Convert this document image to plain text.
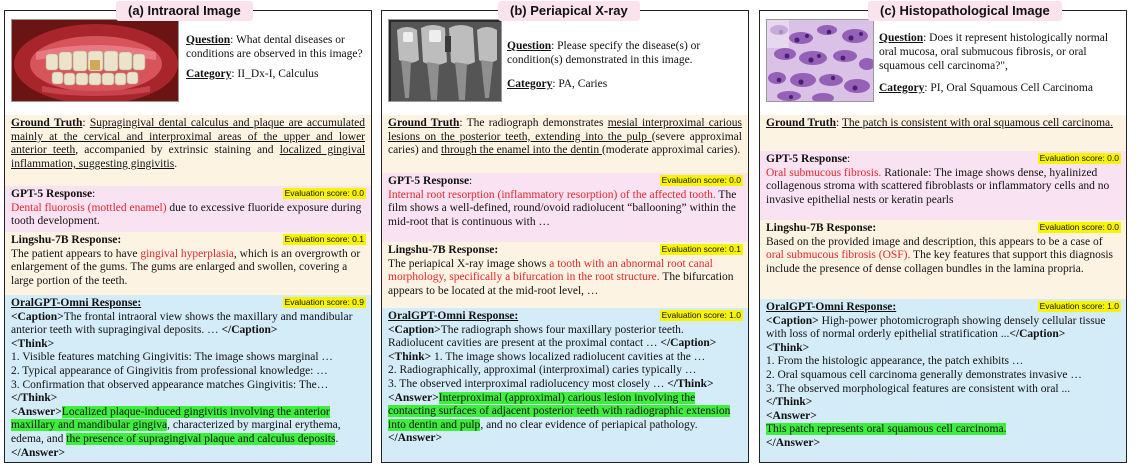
(a) Intraoral Image
Question: What dental diseases or conditions are observed in this image?
Category: II_Dx-I, Calculus
Ground Truth: Supragingival dental calculus and plaque are accumulated mainly at the cervical and interproximal areas of the upper and lower anterior teeth, accompanied by extrinsic staining and localized gingival inflammation, suggesting gingivitis.
Evaluation score: 0.0
GPT-5 Response:
Dental fluorosis (mottled enamel) due to excessive fluoride exposure during tooth development.
Evaluation score: 0.1
Lingshu-7B Response:
The patient appears to have gingival hyperplasia, which is an overgrowth or enlargement of the gums. The gums are enlarged and swollen, covering a large portion of the teeth.
Evaluation score: 0.9
OralGPT-Omni Response:
<Caption>The frontal intraoral view shows the maxillary and mandibular anterior teeth with supragingival deposits. … </Caption>
<Think>
1. Visible features matching Gingivitis: The image shows marginal …
2. Typical appearance of Gingivitis from professional knowledge: …
3. Confirmation that observed appearance matches Gingivitis: The…
</Think>
<Answer>Localized plaque-induced gingivitis involving the anterior maxillary and mandibular gingiva, characterized by marginal erythema, edema, and the presence of supragingival plaque and calculus deposits.
</Answer>
(b) Periapical X-ray
Question: Please specify the disease(s) or condition(s) demonstrated in this image.
Category: PA, Caries
Ground Truth: The radiograph demonstrates mesial interproximal carious lesions on the posterior teeth, extending into the pulp (severe approximal caries) and through the enamel into the dentin (moderate approximal caries).
Evaluation score: 0.0
GPT-5 Response:
Internal root resorption (inflammatory resorption) of the affected tooth. The film shows a well-defined, round/ovoid radiolucent “ballooning” within the mid-root that is continuous with …
Evaluation score: 0.1
Lingshu-7B Response:
The periapical X-ray image shows a tooth with an abnormal root canal morphology, specifically a bifurcation in the root structure. The bifurcation appears to be located at the mid-root level, …
Evaluation score: 1.0
OralGPT-Omni Response:
<Caption>The radiograph shows four maxillary posterior teeth. Radiolucent cavities are present at the proximal contact … </Caption>
<Think> 1. The image shows localized radiolucent cavities at the …
2. Radiographically, approximal (interproximal) caries typically …
3. The observed interproximal radiolucency most closely … </Think>
<Answer>Interproximal (approximal) carious lesion involving the contacting surfaces of adjacent posterior teeth with radiographic extension into dentin and pulp, and no clear evidence of periapical pathology. </Answer>
(c) Histopathological Image
Question: Does it represent histologically normal oral mucosa, oral submucous fibrosis, or oral squamous cell carcinoma?",
Category: PI, Oral Squamous Cell Carcinoma
Ground Truth: The patch is consistent with oral squamous cell carcinoma.
Evaluation score: 0.0
GPT-5 Response:
Oral submucous fibrosis. Rationale: The image shows dense, hyalinized collagenous stroma with scattered fibroblasts or inflammatory cells and no invasive epithelial nests or keratin pearls
Evaluation score: 0.0
Lingshu-7B Response:
Based on the provided image and description, this appears to be a case of oral submucous fibrosis (OSF). The key features that support this diagnosis include the presence of dense collagen bundles in the lamina propria.
Evaluation score: 1.0
OralGPT-Omni Response:
<Caption> High-power photomicrograph showing densely cellular tissue with loss of normal orderly epithelial stratification ...</Caption>
<Think>
1. From the histologic appearance, the patch exhibits …
2. Oral squamous cell carcinoma generally demonstrates invasive …
3. The observed morphological features are consistent with oral ...
</Think>
<Answer>
This patch represents oral squamous cell carcinoma.
</Answer>
